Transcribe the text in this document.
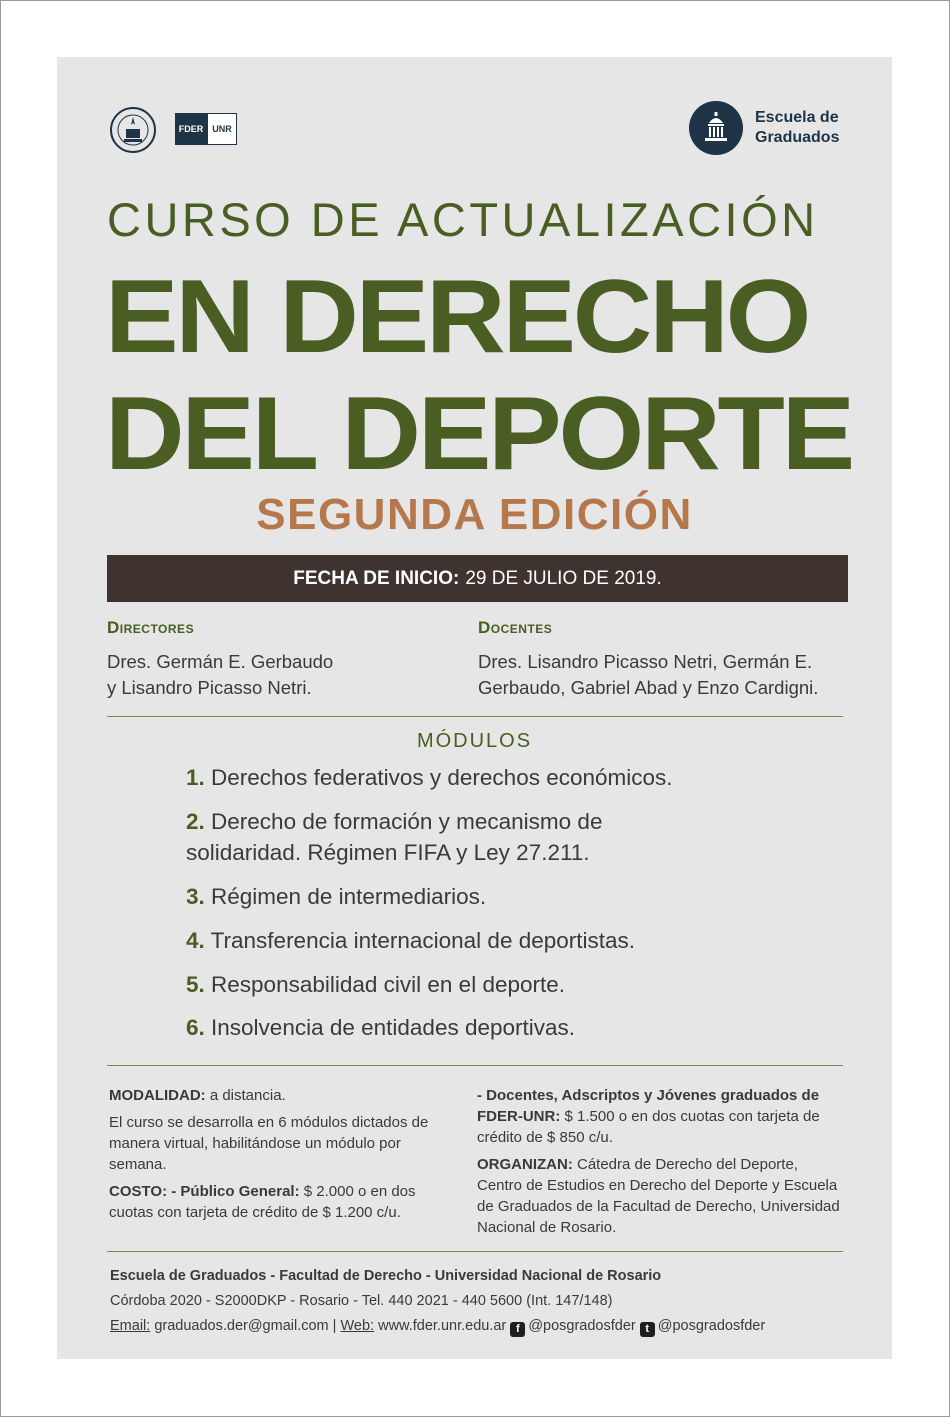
FDER	UNR
Escuela de
Graduados
CURSO DE ACTUALIZACIÓN
EN DERECHO
DEL DEPORTE
SEGUNDA EDICIÓN
FECHA DE INICIO: 29 DE JULIO DE 2019.
Directores
Dres. Germán E. Gerbaudo
y Lisandro Picasso Netri.
Docentes
Dres. Lisandro Picasso Netri, Germán E.
Gerbaudo, Gabriel Abad y Enzo Cardigni.
MÓDULOS
1. Derechos federativos y derechos económicos.
2. Derecho de formación y mecanismo de solidaridad. Régimen FIFA y Ley 27.211.
3. Régimen de intermediarios.
4. Transferencia internacional de deportistas.
5. Responsabilidad civil en el deporte.
6. Insolvencia de entidades deportivas.

MODALIDAD: a distancia.

El curso se desarrolla en 6 módulos dictados de manera virtual, habilitándose un módulo por semana.

COSTO: - Público General: $ 2.000 o en dos cuotas con tarjeta de crédito de $ 1.200 c/u.

- Docentes, Adscriptos y Jóvenes graduados de FDER-UNR: $ 1.500 o en dos cuotas con tarjeta de crédito de $ 850 c/u.

ORGANIZAN: Cátedra de Derecho del Deporte, Centro de Estudios en Derecho del Deporte y Escuela de Graduados de la Facultad de Derecho, Universidad Nacional de Rosario.

Escuela de Graduados - Facultad de Derecho - Universidad Nacional de Rosario
Córdoba 2020 - S2000DKP - Rosario - Tel. 440 2021 - 440 5600 (Int. 147/148)
Email: graduados.der@gmail.com | Web: www.fder.unr.edu.ar f @posgradosfder t @posgradosfder
